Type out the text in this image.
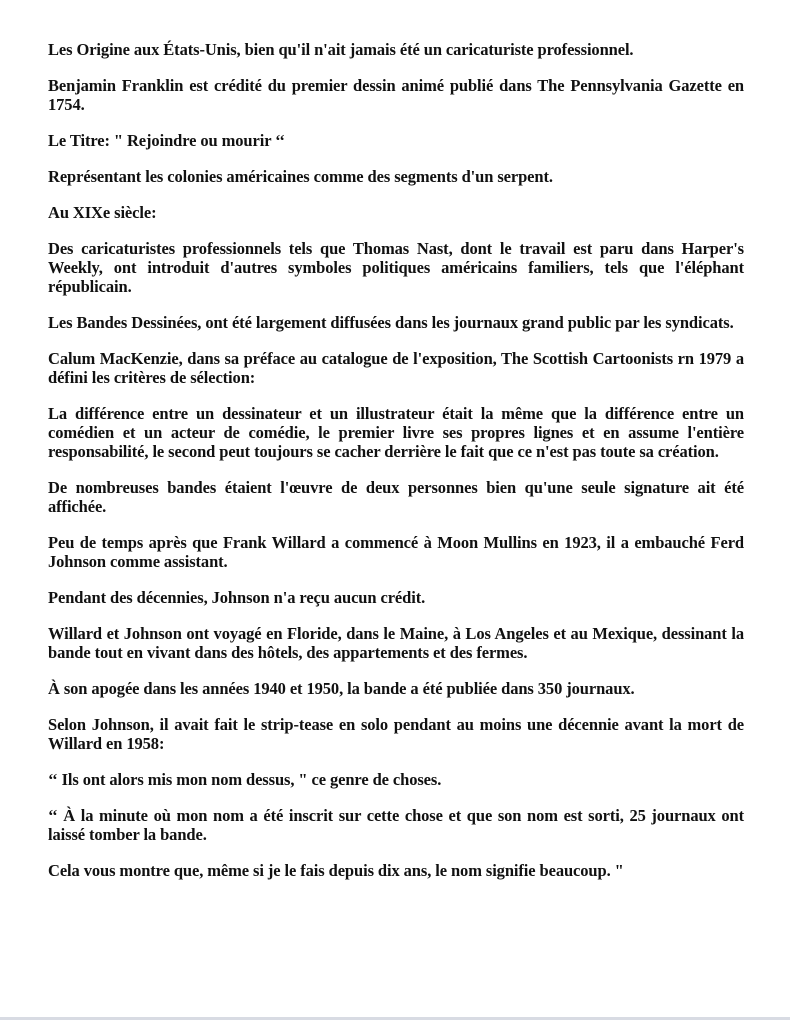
Les Origine aux États-Unis, bien qu'il n'ait jamais été un caricaturiste professionnel.

Benjamin Franklin est crédité du premier dessin animé publié dans The Pennsylvania Gazette en 1754.

Le Titre: " Rejoindre ou mourir ‘‘

Représentant les colonies américaines comme des segments d'un serpent.

Au XIXe siècle:

Des caricaturistes professionnels tels que Thomas Nast, dont le travail est paru dans Harper's Weekly, ont introduit d'autres symboles politiques américains familiers, tels que l'éléphant républicain.

Les Bandes Dessinées, ont été largement diffusées dans les journaux grand public par les syndicats.

Calum MacKenzie, dans sa préface au catalogue de l'exposition, The Scottish Cartoonists rn 1979 a défini les critères de sélection:

La différence entre un dessinateur et un illustrateur était la même que la différence entre un comédien et un acteur de comédie, le premier livre ses propres lignes et en assume l'entière responsabilité, le second peut toujours se cacher derrière le fait que ce n'est pas toute sa création.

De nombreuses bandes étaient l'œuvre de deux personnes bien qu'une seule signature ait été affichée.

Peu de temps après que Frank Willard a commencé à Moon Mullins en 1923, il a embauché Ferd Johnson comme assistant.

Pendant des décennies, Johnson n'a reçu aucun crédit.

Willard et Johnson ont voyagé en Floride, dans le Maine, à Los Angeles et au Mexique, dessinant la bande tout en vivant dans des hôtels, des appartements et des fermes.

À son apogée dans les années 1940 et 1950, la bande a été publiée dans 350 journaux.

Selon Johnson, il avait fait le strip-tease en solo pendant au moins une décennie avant la mort de Willard en 1958:

‘‘ Ils ont alors mis mon nom dessus, " ce genre de choses.

‘‘ À la minute où mon nom a été inscrit sur cette chose et que son nom est sorti, 25 journaux ont laissé tomber la bande.

Cela vous montre que, même si je le fais depuis dix ans, le nom signifie beaucoup. "
